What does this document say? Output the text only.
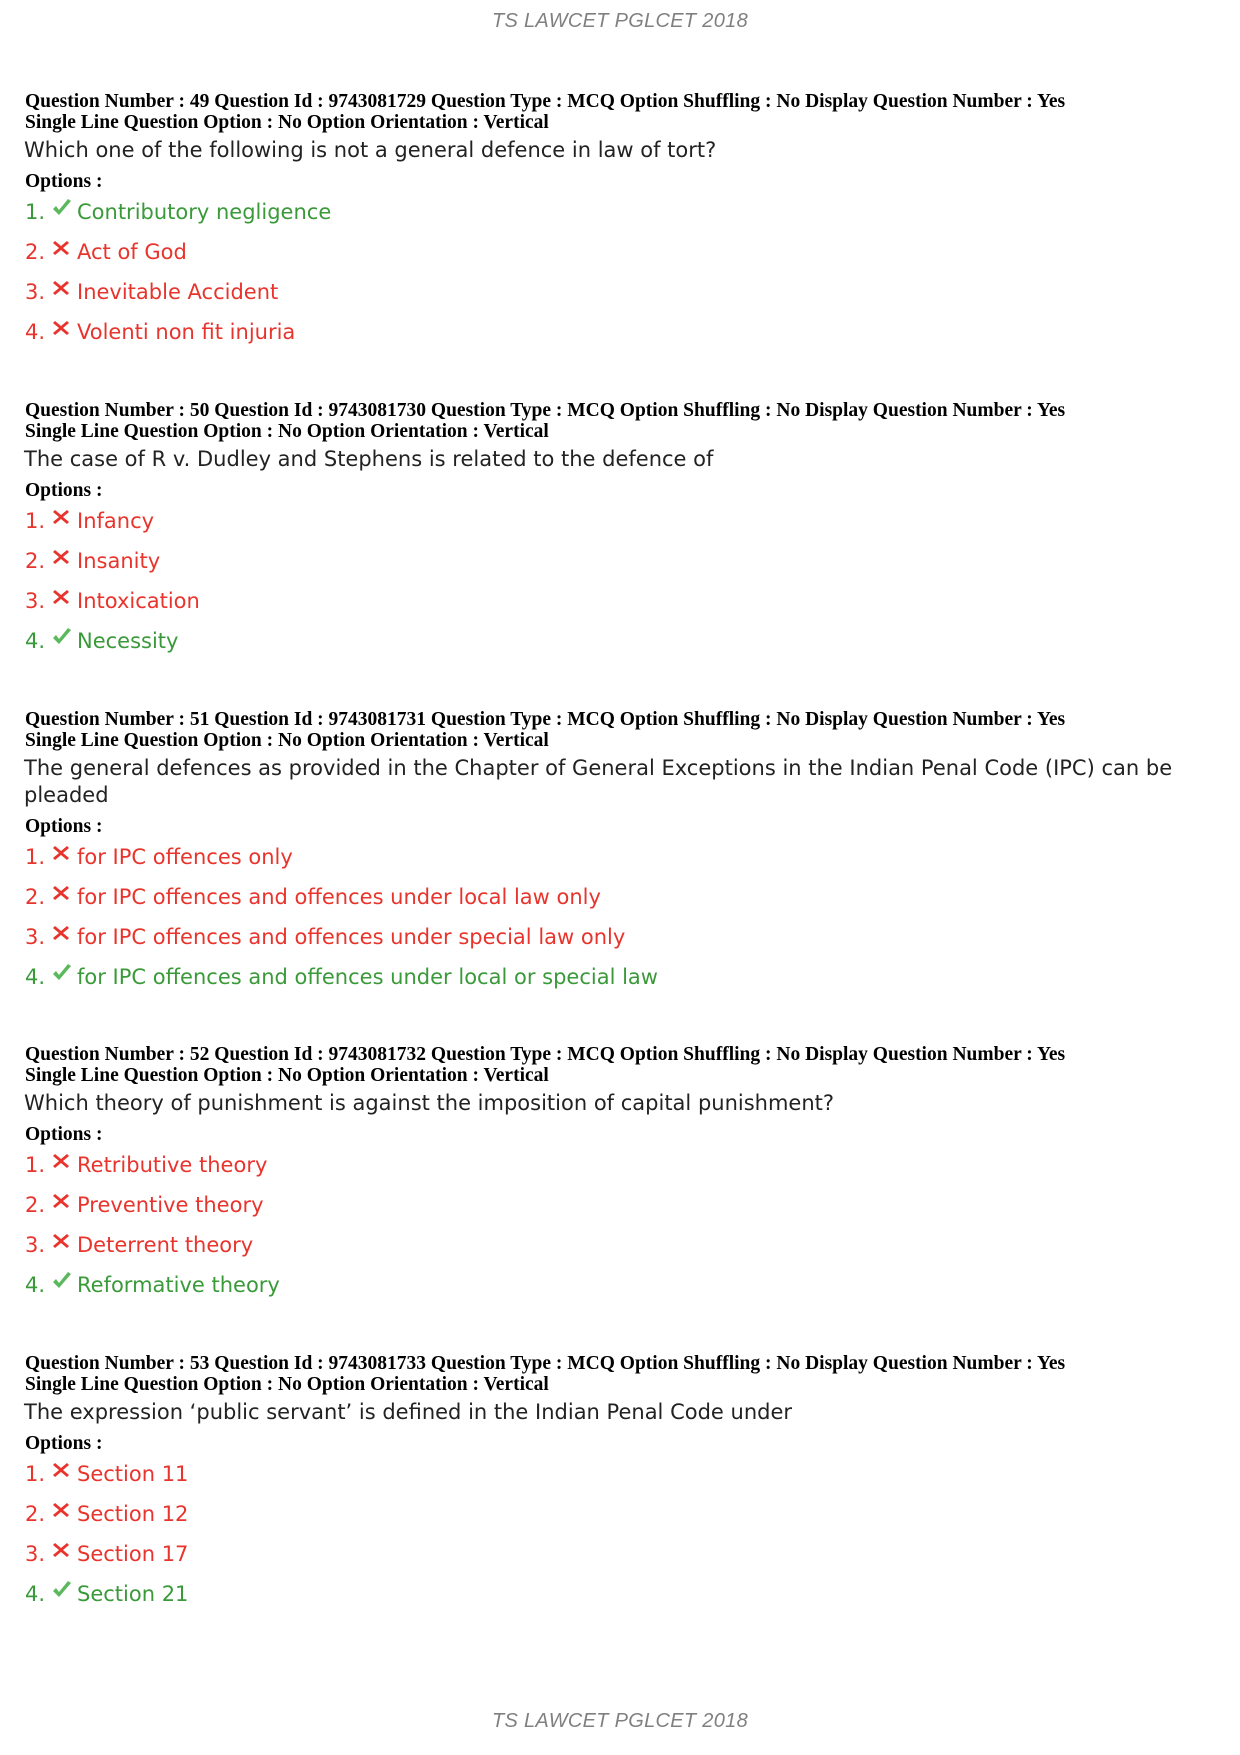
TS LAWCET PGLCET 2018
Question Number : 49 Question Id : 9743081729 Question Type : MCQ Option Shuffling : No Display Question Number : Yes
Single Line Question Option : No Option Orientation : Vertical
Which one of the following is not a general defence in law of tort?
Options :
1. Contributory negligence
2. Act of God
3. Inevitable Accident
4. Volenti non fit injuria
Question Number : 50 Question Id : 9743081730 Question Type : MCQ Option Shuffling : No Display Question Number : Yes
Single Line Question Option : No Option Orientation : Vertical
The case of R v. Dudley and Stephens is related to the defence of
Options :
1. Infancy
2. Insanity
3. Intoxication
4. Necessity
Question Number : 51 Question Id : 9743081731 Question Type : MCQ Option Shuffling : No Display Question Number : Yes
Single Line Question Option : No Option Orientation : Vertical
The general defences as provided in the Chapter of General Exceptions in the Indian Penal Code (IPC) can be pleaded
Options :
1. for IPC offences only
2. for IPC offences and offences under local law only
3. for IPC offences and offences under special law only
4. for IPC offences and offences under local or special law
Question Number : 52 Question Id : 9743081732 Question Type : MCQ Option Shuffling : No Display Question Number : Yes
Single Line Question Option : No Option Orientation : Vertical
Which theory of punishment is against the imposition of capital punishment?
Options :
1. Retributive theory
2. Preventive theory
3. Deterrent theory
4. Reformative theory
Question Number : 53 Question Id : 9743081733 Question Type : MCQ Option Shuffling : No Display Question Number : Yes
Single Line Question Option : No Option Orientation : Vertical
The expression ‘public servant’ is defined in the Indian Penal Code under
Options :
1. Section 11
2. Section 12
3. Section 17
4. Section 21
TS LAWCET PGLCET 2018
